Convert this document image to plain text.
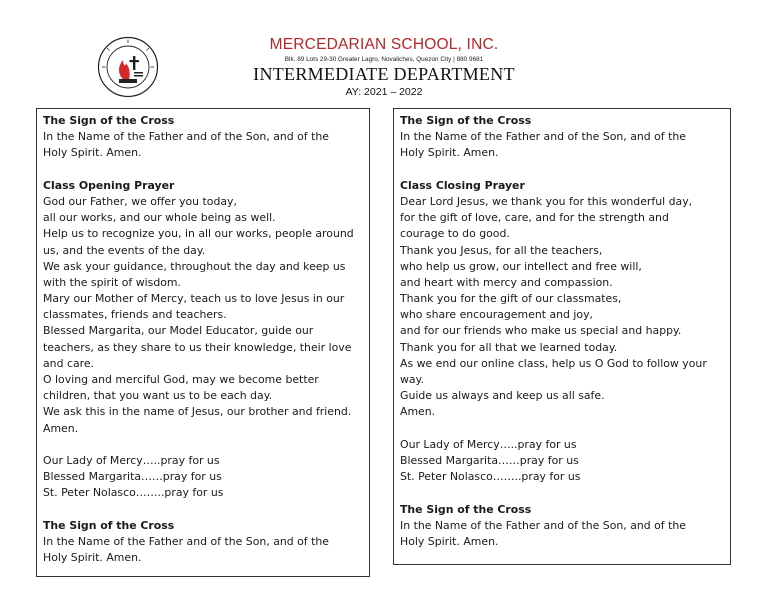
MERCEDARIAN SCHOOL, INC.
Blk. 89 Lots 29-30 Greater Lagro, Novaliches, Quezon City | 880 9681
INTERMEDIATE DEPARTMENT
AY: 2021 – 2022
The Sign of the Cross
In the Name of the Father and of the Son, and of the
Holy Spirit. Amen.
Class Opening Prayer
God our Father, we offer you today,
all our works, and our whole being as well.
Help us to recognize you, in all our works, people around
us, and the events of the day.
We ask your guidance, throughout the day and keep us
with the spirit of wisdom.
Mary our Mother of Mercy, teach us to love Jesus in our
classmates, friends and teachers.
Blessed Margarita, our Model Educator, guide our
teachers, as they share to us their knowledge, their love
and care.
O loving and merciful God, may we become better
children, that you want us to be each day.
We ask this in the name of Jesus, our brother and friend.
Amen.
Our Lady of Mercy…..pray for us
Blessed Margarita……pray for us
St. Peter Nolasco……..pray for us
The Sign of the Cross
In the Name of the Father and of the Son, and of the
Holy Spirit. Amen.
The Sign of the Cross
In the Name of the Father and of the Son, and of the
Holy Spirit. Amen.
Class Closing Prayer
Dear Lord Jesus, we thank you for this wonderful day,
for the gift of love, care, and for the strength and
courage to do good.
Thank you Jesus, for all the teachers,
who help us grow, our intellect and free will,
and heart with mercy and compassion.
Thank you for the gift of our classmates,
who share encouragement and joy,
and for our friends who make us special and happy.
Thank you for all that we learned today.
As we end our online class, help us O God to follow your
way.
Guide us always and keep us all safe.
Amen.
Our Lady of Mercy…..pray for us
Blessed Margarita……pray for us
St. Peter Nolasco……..pray for us
The Sign of the Cross
In the Name of the Father and of the Son, and of the
Holy Spirit. Amen.
